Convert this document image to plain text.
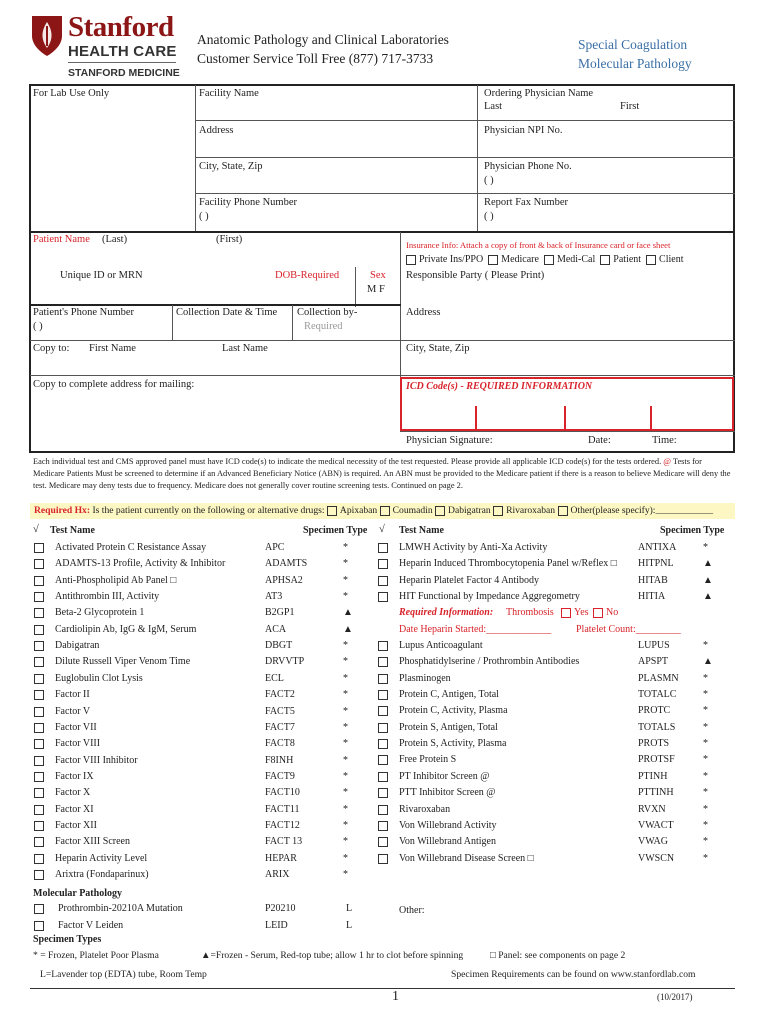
Stanford
HEALTH CARE
STANFORD MEDICINE
Anatomic Pathology and Clinical Laboratories
Customer Service Toll Free (877) 717-3733
Special Coagulation
Molecular Pathology
For Lab Use Only	Facility Name	Ordering Physician Name
Last	First
Address	Physician NPI No.
City, State, Zip	Physician Phone No.
( )
Facility Phone Number
( )
Report Fax Number
( )
Patient Name (Last)	(First)	Insurance Info: Attach a copy of front & back of Insurance card or face sheet
Private Ins/PPO Medicare Medi-Cal Patient Client
Unique ID or MRN	DOB-Required	Sex
M F
Responsible Party ( Please Print)
Patient's Phone Number
( )
Collection Date & Time Collection by-
Required
Address
Copy to: First Name	Last Name	City, State, Zip
Copy to complete address for mailing:	ICD Code(s) - REQUIRED INFORMATION
Physician Signature:	Date:	Time:
Each individual test and CMS approved panel must have ICD code(s) to indicate the medical necessity of the test requested. Please provide all applicable ICD code(s) for the tests ordered. @ Tests for Medicare Patients Must be screened to determine if an Advanced Beneficiary Notice (ABN) is required. An ABN must be provided to the Medicare patient if there is a reason to believe Medicare will deny the test. Medicare may deny tests due to frequency. Medicare does not generally cover routine screening tests. Continued on page 2.
Required Hx: Is the patient currently on the following or alternative drugs: Apixaban Coumadin Dabigatran Rivaroxaban Other(please specify):____________
√ Test Name	Specimen Type √ Test Name	Specimen Type
Activated Protein C Resistance Assay	APC	*
ADAMTS-13 Profile, Activity & Inhibitor	ADAMTS	*
Anti-Phospholipid Ab Panel □	APHSA2	*
Antithrombin III, Activity	AT3	*
Beta-2 Glycoprotein 1	B2GP1	▲
Cardiolipin Ab, IgG & IgM, Serum	ACA	▲
Dabigatran	DBGT	*
Dilute Russell Viper Venom Time	DRVVTP	*
Euglobulin Clot Lysis	ECL	*
Factor II	FACT2	*
Factor V	FACT5	*
Factor VII	FACT7	*
Factor VIII	FACT8	*
Factor VIII Inhibitor	F8INH	*
Factor IX	FACT9	*
Factor X	FACT10	*
Factor XI	FACT11	*
Factor XII	FACT12	*
Factor XIII Screen	FACT 13	*
Heparin Activity Level	HEPAR	*
Arixtra (Fondaparinux)	ARIX	*
LMWH Activity by Anti-Xa Activity	ANTIXA	*
Heparin Induced Thrombocytopenia Panel w/Reflex □ HITPNL	▲
Heparin Platelet Factor 4 Antibody	HITAB	▲
HIT Functional by Impedance Aggregometry	HITIA	▲
Lupus Anticoagulant	LUPUS	*
Phosphatidylserine / Prothrombin Antibodies	APSPT	▲
Plasminogen	PLASMN *
Protein C, Antigen, Total	TOTALC	*
Protein C, Activity, Plasma	PROTC	*
Protein S, Antigen, Total	TOTALS	*
Protein S, Activity, Plasma	PROTS	*
Free Protein S	PROTSF	*
PT Inhibitor Screen @	PTINH	*
PTT Inhibitor Screen @	PTTINH	*
Rivaroxaban	RVXN	*
Von Willebrand Activity	VWACT	*
Von Willebrand Antigen	VWAG	*
Von Willebrand Disease Screen □	VWSCN	*
Required Information: Thrombosis	Yes	No
Date Heparin Started:_____________ Platelet Count:_________
Molecular Pathology
Prothrombin-20210A Mutation	P20210	L
Factor V Leiden	LEID	L
Other:
Specimen Types
* = Frozen, Platelet Poor Plasma	▲=Frozen - Serum, Red-top tube; allow 1 hr to clot before spinning	□ Panel: see components on page 2
L=Lavender top (EDTA) tube, Room Temp	Specimen Requirements can be found on www.stanfordlab.com
1	(10/2017)
